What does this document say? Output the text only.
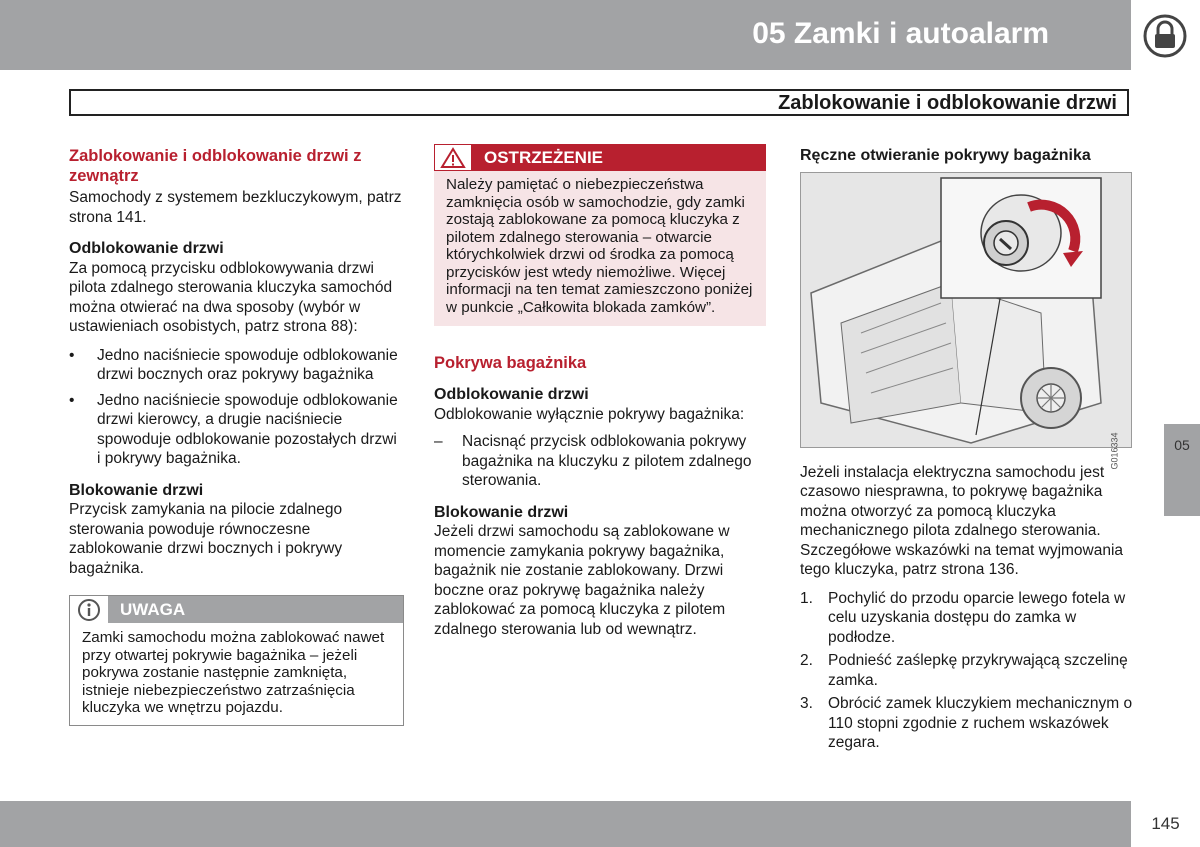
05 Zamki i autoalarm
Zablokowanie i odblokowanie drzwi
Zablokowanie i odblokowanie drzwi z zewnątrz

Samochody z systemem bezkluczykowym, patrz strona 141.

Odblokowanie drzwi

Za pomocą przycisku odblokowywania drzwi pilota zdalnego sterowania kluczyka samochód można otwierać na dwa sposoby (wybór w ustawieniach osobistych, patrz strona 88):

• Jedno naciśniecie spowoduje odblokowanie drzwi bocznych oraz pokrywy bagażnika
• Jedno naciśniecie spowoduje odblokowanie drzwi kierowcy, a drugie naciśniecie spowoduje odblokowanie pozostałych drzwi i pokrywy bagażnika.
Blokowanie drzwi

Przycisk zamykania na pilocie zdalnego sterowania powoduje równoczesne zablokowanie drzwi bocznych i pokrywy bagażnika.

UWAGA
Zamki samochodu można zablokować nawet przy otwartej pokrywie bagażnika – jeżeli pokrywa zostanie następnie zamknięta, istnieje niebezpieczeństwo zatrzaśnięcia kluczyka we wnętrzu pojazdu.
OSTRZEŻENIE
Należy pamiętać o niebezpieczeństwa zamknięcia osób w samochodzie, gdy zamki zostają zablokowane za pomocą kluczyka z pilotem zdalnego sterowania – otwarcie którychkolwiek drzwi od środka za pomocą przycisków jest wtedy niemożliwe. Więcej informacji na ten temat zamieszczono poniżej w punkcie „Całkowita blokada zamków”.
Pokrywa bagażnika
Odblokowanie drzwi

Odblokowanie wyłącznie pokrywy bagażnika:

– Nacisnąć przycisk odblokowania pokrywy bagażnika na kluczyku z pilotem zdalnego sterowania.
Blokowanie drzwi

Jeżeli drzwi samochodu są zablokowane w momencie zamykania pokrywy bagażnika, bagażnik nie zostanie zablokowany. Drzwi boczne oraz pokrywę bagażnika należy zablokować za pomocą kluczyka z pilotem zdalnego sterowania lub od wewnątrz.

Ręczne otwieranie pokrywy bagażnika
G016334

Jeżeli instalacja elektryczna samochodu jest czasowo niesprawna, to pokrywę bagażnika można otworzyć za pomocą kluczyka mechanicznego pilota zdalnego sterowania. Szczegółowe wskazówki na temat wyjmowania tego kluczyka, patrz strona 136.

1. Pochylić do przodu oparcie lewego fotela w celu uzyskania dostępu do zamka w podłodze.
2. Podnieść zaślepkę przykrywającą szczelinę zamka.
3. Obrócić zamek kluczykiem mechanicznym o 110 stopni zgodnie z ruchem wskazówek zegara.
05
145
